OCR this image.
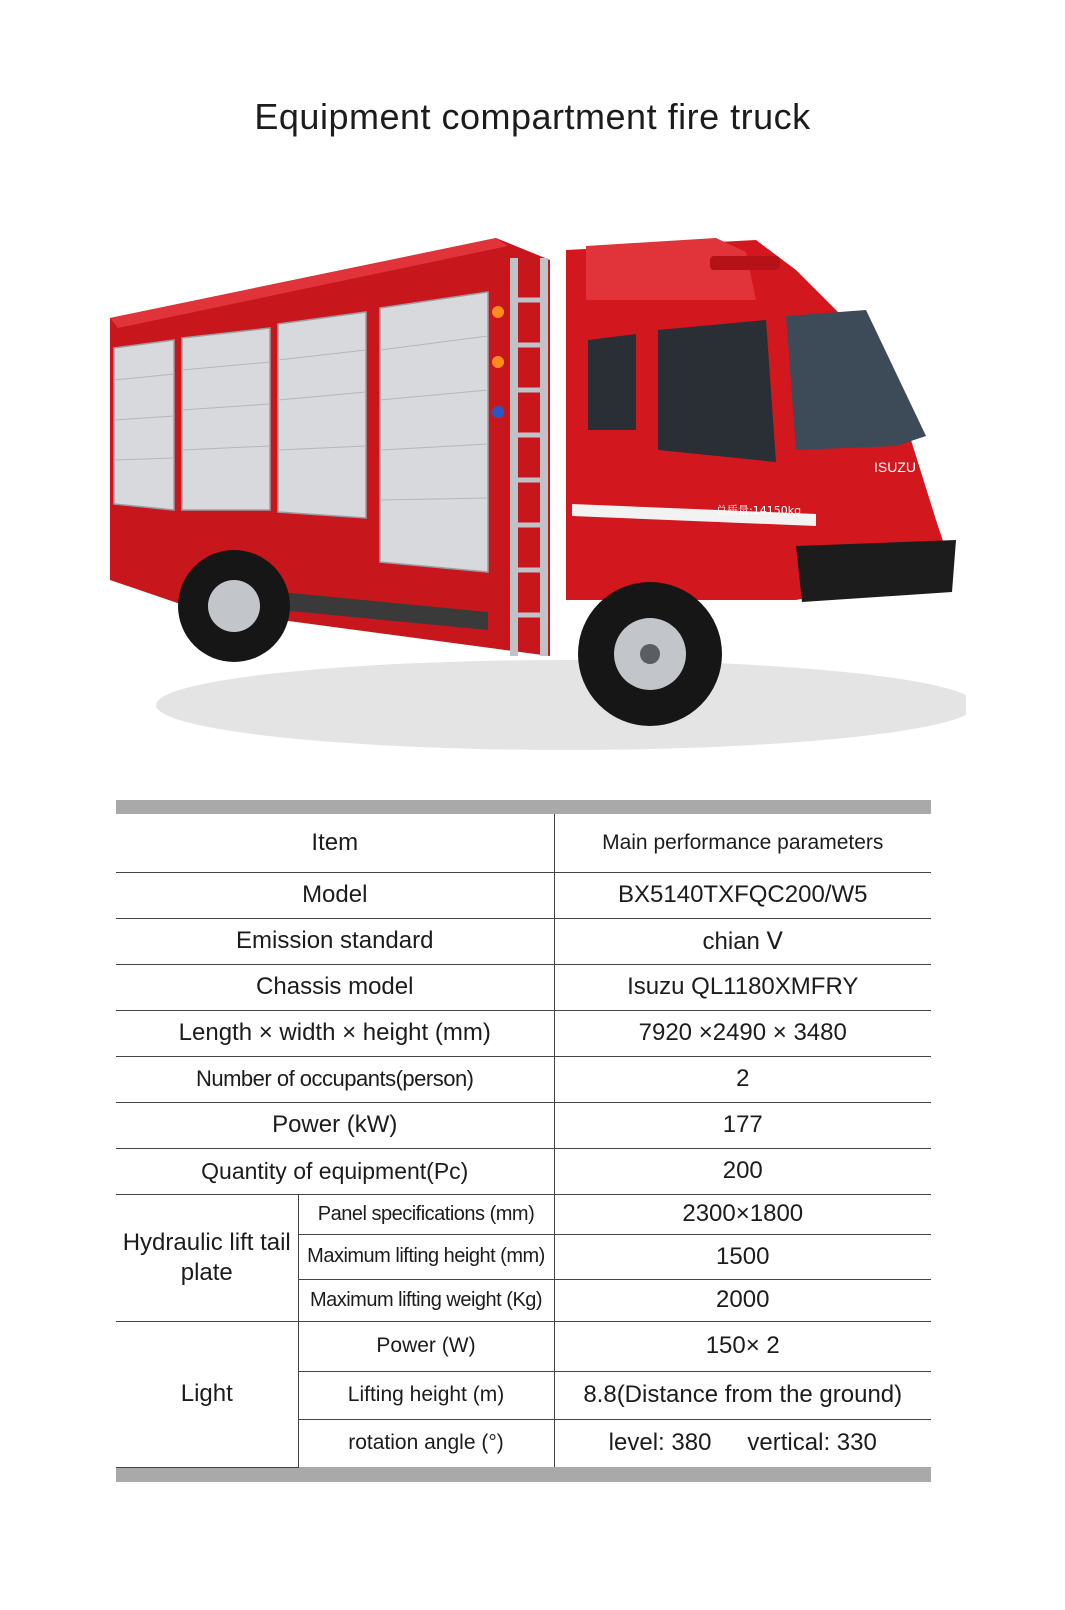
Equipment compartment fire truck
ISUZU
总质量:14150kg

Item		Main performance parameters
Model		BX5140TXFQC200/W5
Emission standard		chian Ⅴ
Chassis model		Isuzu QL1180XMFRY
Length × width × height (mm)		7920 ×2490 × 3480
Number of occupants(person)		2
Power (kW)		177
Quantity of equipment(Pc)		200
Hydraulic lift tail plate	Panel specifications (mm)	2300×1800
	Maximum lifting height (mm)	1500
	Maximum lifting weight (Kg)	2000
Light	Power (W)	150× 2
	Lifting height (m)	8.8(Distance from the ground)
	rotation angle (°)	level: 380 vertical: 330
